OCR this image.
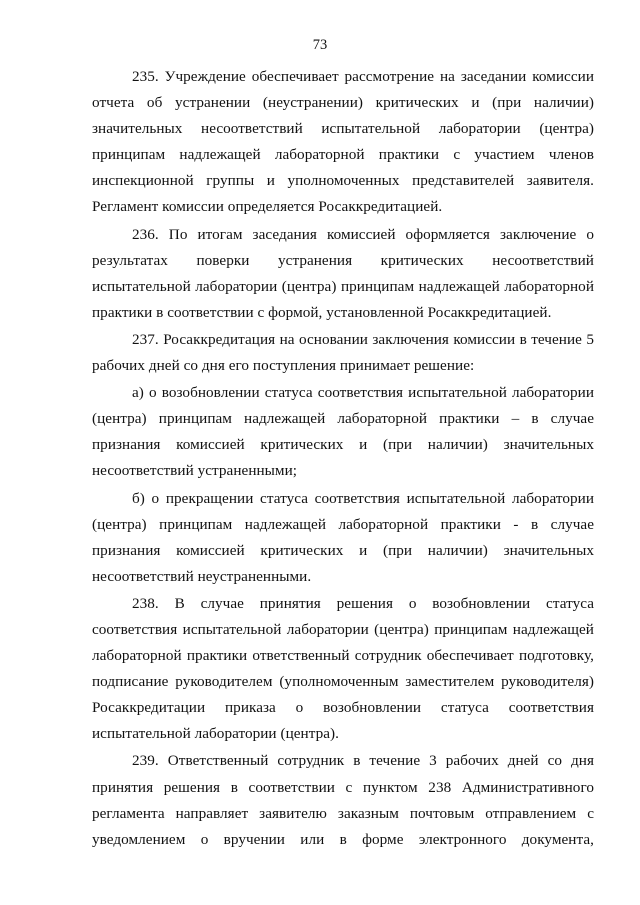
73

235. Учреждение обеспечивает рассмотрение на заседании комиссии отчета об устранении (неустранении) критических и (при наличии) значительных несоответствий испытательной лаборатории (центра) принципам надлежащей лабораторной практики с участием членов инспекционной группы и уполномоченных представителей заявителя. Регламент комиссии определяется Росаккредитацией.

236. По итогам заседания комиссией оформляется заключение о результатах поверки устранения критических несоответствий испытательной лаборатории (центра) принципам надлежащей лабораторной практики в соответствии с формой, установленной Росаккредитацией.

237. Росаккредитация на основании заключения комиссии в течение 5 рабочих дней со дня его поступления принимает решение:

а) о возобновлении статуса соответствия испытательной лаборатории (центра) принципам надлежащей лабораторной практики – в случае признания комиссией критических и (при наличии) значительных несоответствий устраненными;

б) о прекращении статуса соответствия испытательной лаборатории (центра) принципам надлежащей лабораторной практики - в случае признания комиссией критических и (при наличии) значительных несоответствий неустраненными.

238. В случае принятия решения о возобновлении статуса соответствия испытательной лаборатории (центра) принципам надлежащей лабораторной практики ответственный сотрудник обеспечивает подготовку, подписание руководителем (уполномоченным заместителем руководителя) Росаккредитации приказа о возобновлении статуса соответствия испытательной лаборатории (центра).

239. Ответственный сотрудник в течение 3 рабочих дней со дня принятия решения в соответствии с пунктом 238 Административного регламента направляет заявителю заказным почтовым отправлением с уведомлением о вручении или в форме электронного документа,
